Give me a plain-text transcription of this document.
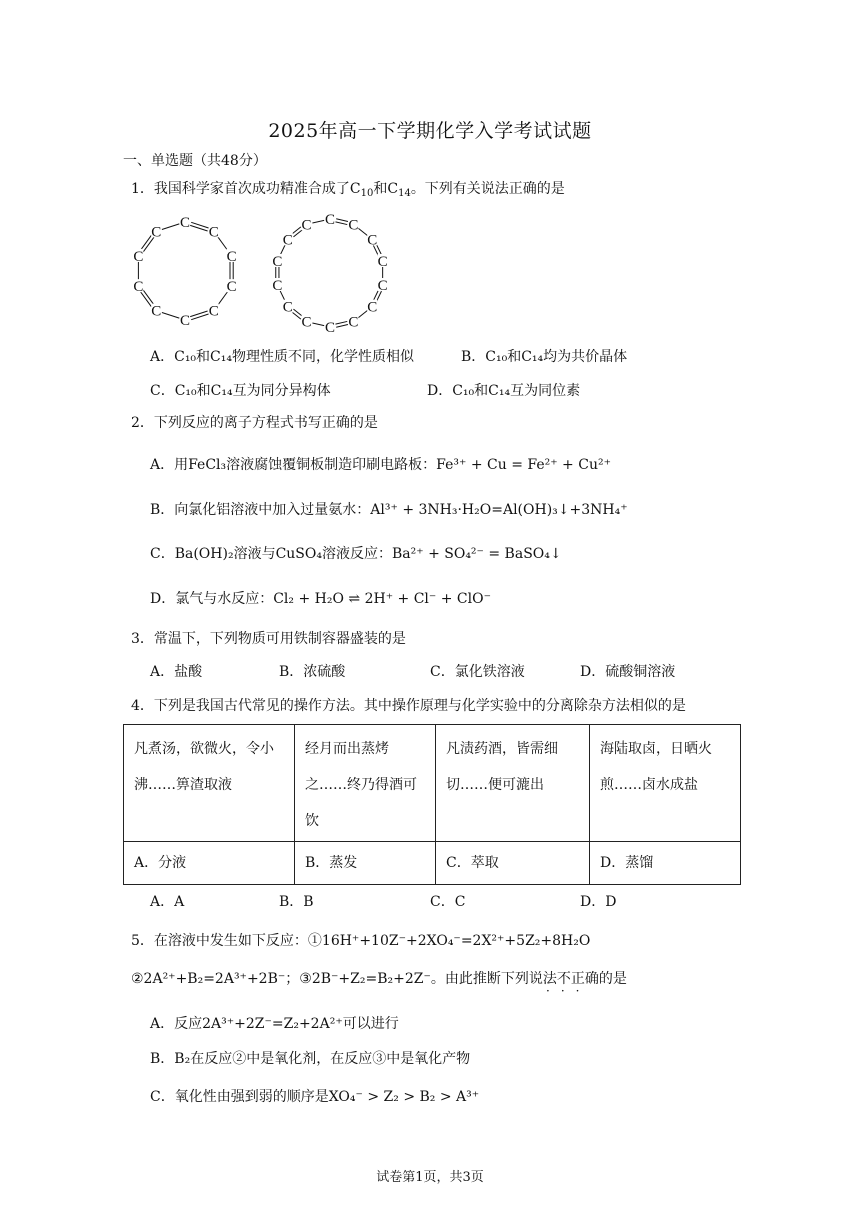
2025年高一下学期化学入学考试试题
一、单选题（共48分）
1．我国科学家首次成功精准合成了$C_{10}$和$C_{14}$。下列有关说法正确的是
C
C
C
C
C
C
C
C
C
C
C C
C
C
C
C
C
C
C
C
C
C
C
C
A．C₁₀和C₁₄物理性质不同，化学性质相似	B．C₁₀和C₁₄均为共价晶体
C．C₁₀和C₁₄互为同分异构体	D．C₁₀和C₁₄互为同位素
2．下列反应的离子方程式书写正确的是
A．用FeCl₃溶液腐蚀覆铜板制造印刷电路板：Fe³⁺ + Cu = Fe²⁺ + Cu²⁺
B．向氯化铝溶液中加入过量氨水：Al³⁺ + 3NH₃·H₂O=Al(OH)₃↓+3NH₄⁺
C．Ba(OH)₂溶液与CuSO₄溶液反应：Ba²⁺ + SO₄²⁻ = BaSO₄↓
D．氯气与水反应：Cl₂ + H₂O ⇌ 2H⁺ + Cl⁻ + ClO⁻
3．常温下，下列物质可用铁制容器盛装的是
A．盐酸	B．浓硫酸	C．氯化铁溶液	D．硫酸铜溶液
4．下列是我国古代常见的操作方法。其中操作原理与化学实验中的分离除杂方法相似的是
凡煮汤，欲微火，令小沸……箅渣取液	经月而出蒸烤之……终乃得酒可饮	凡渍药酒，皆需细切……便可漉出	海陆取卤，日晒火煎……卤水成盐
A．分液	B．蒸发	C．萃取	D．蒸馏
A．A	B．B	C．C	D．D
5．在溶液中发生如下反应：①16H⁺+10Z⁻+2XO₄⁻=2X²⁺+5Z₂+8H₂O
②2A²⁺+B₂=2A³⁺+2B⁻；③2B⁻+Z₂=B₂+2Z⁻。由此推断下列说法不正确的是
···
A．反应2A³⁺+2Z⁻=Z₂+2A²⁺可以进行
B．B₂在反应②中是氧化剂，在反应③中是氧化产物
C．氧化性由强到弱的顺序是XO₄⁻ > Z₂ > B₂ > A³⁺
试卷第1页，共3页
